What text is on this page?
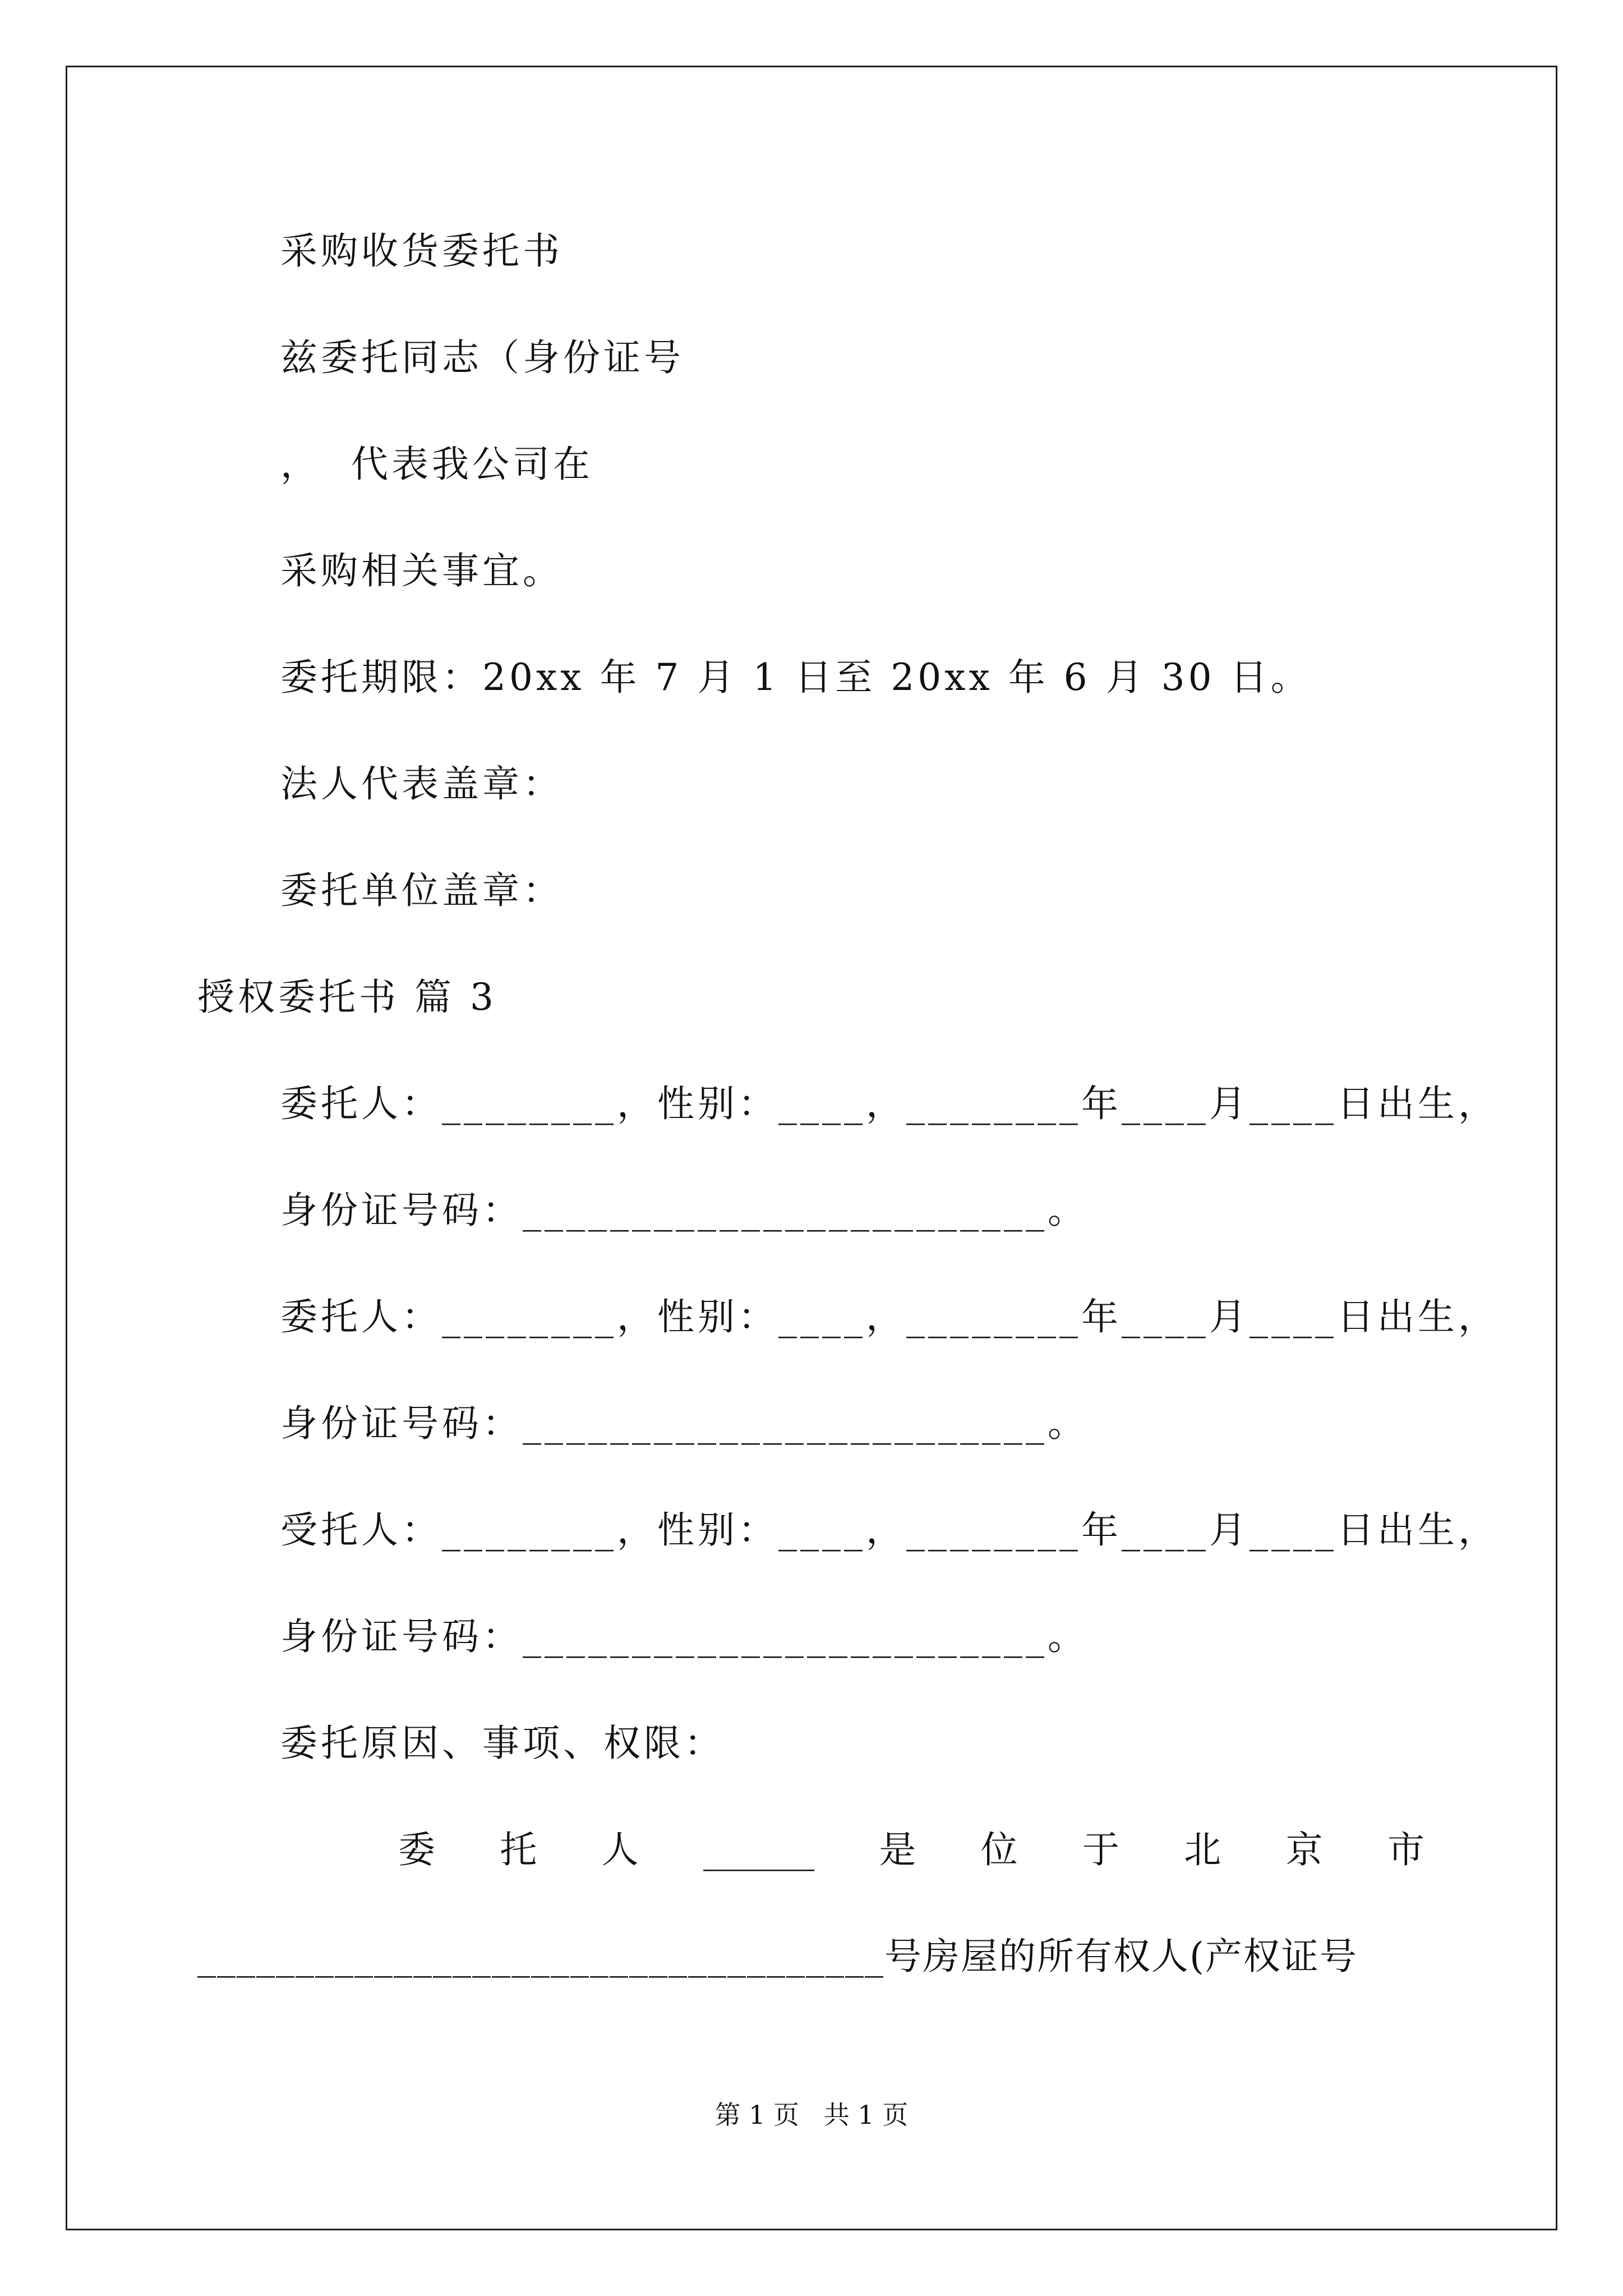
采购收货委托书
兹委托同志（身份证号
，  代表我公司在
采购相关事宜。
委托期限：20xx 年 7 月 1 日至 20xx 年 6 月 30 日。
法人代表盖章：
委托单位盖章：
授权委托书 篇 3
委托人：________，性别：____，________年____月____日出生，
身份证号码：________________________。
委托人：________，性别：____，________年____月____日出生，
身份证号码：________________________。
受托人：________，性别：____，________年____月____日出生，
身份证号码：________________________。
委托原因、事项、权限：
委 托 人 ______ 是 位 于 北 京 市
___________________________________号房屋的所有权人(产权证号
第 1 页   共 1 页
